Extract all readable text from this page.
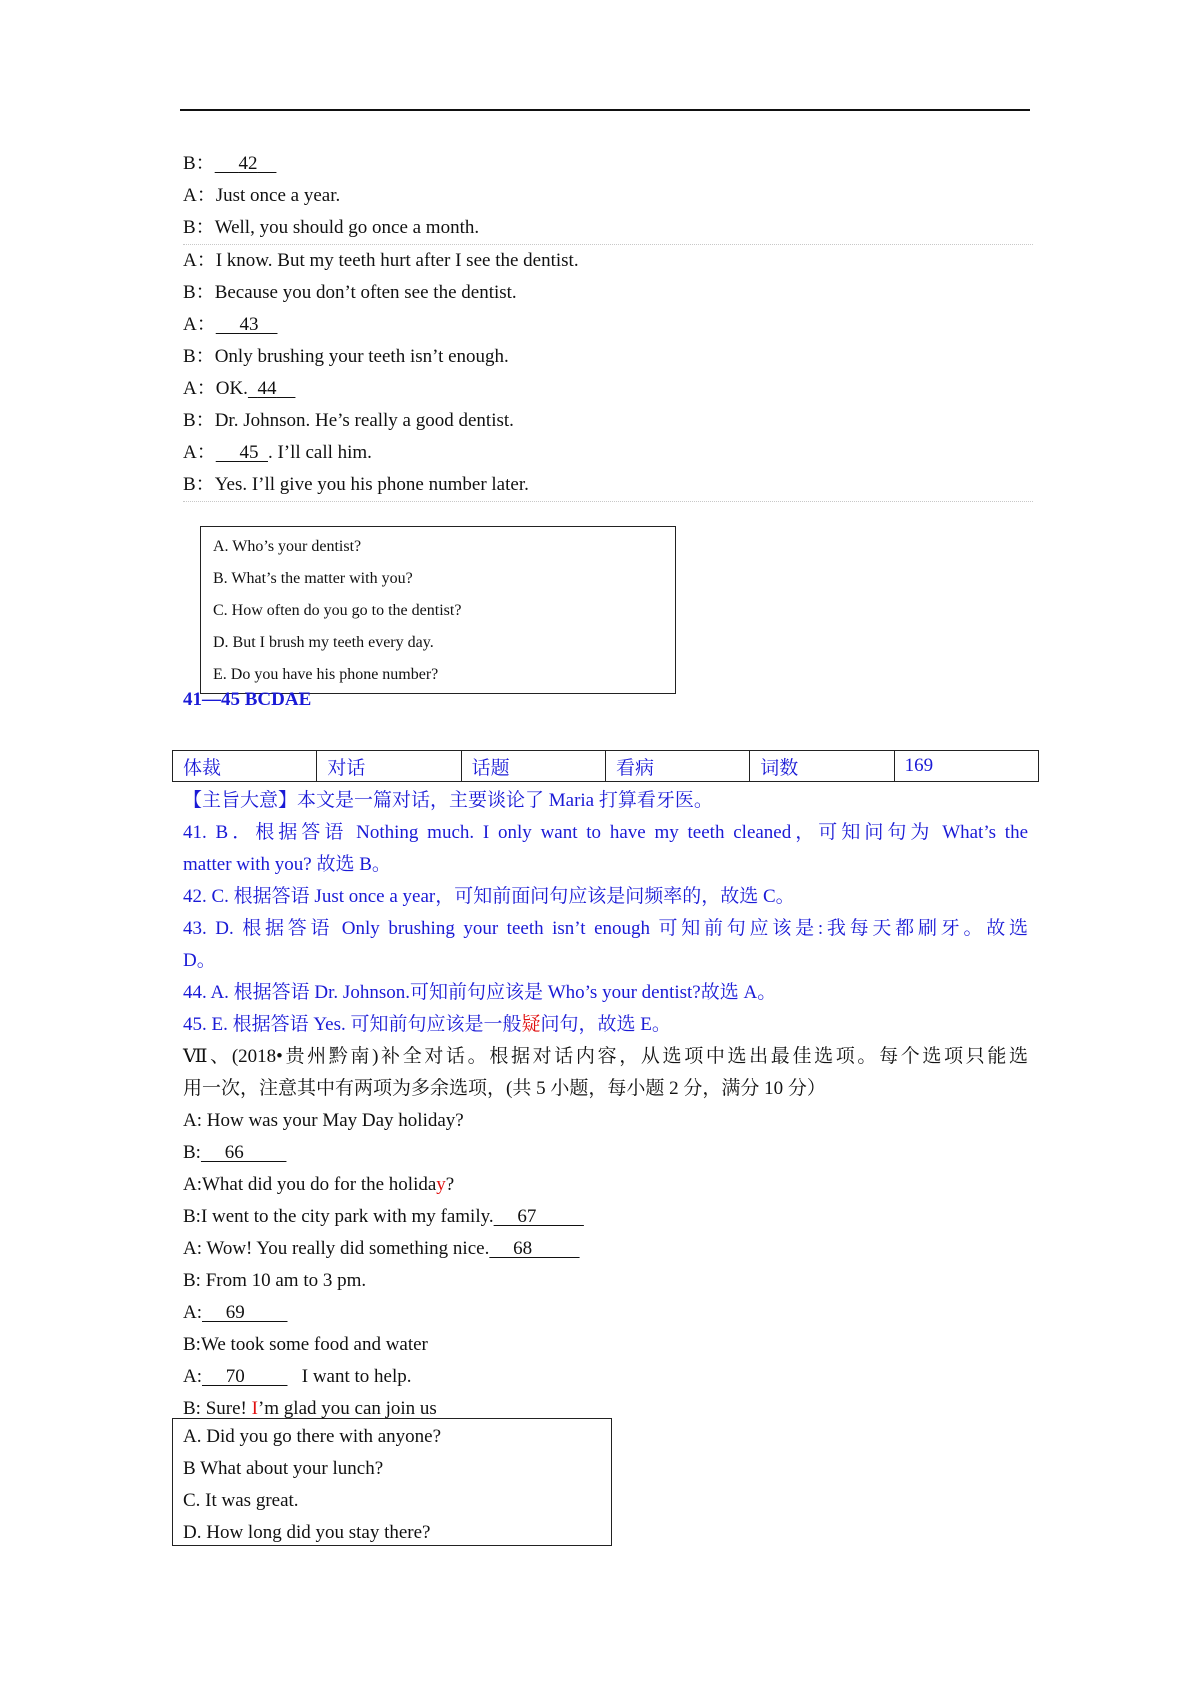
B： 42
A：Just once a year.
B：Well, you should go once a month.
A：I know. But my teeth hurt after I see the dentist.
B：Because you don’t often see the dentist.
A： 43
B：Only brushing your teeth isn’t enough.
A：OK. 44
B：Dr. Johnson. He’s really a good dentist.
A： 45 . I’ll call him.
B：Yes. I’ll give you his phone number later.
A. Who’s your dentist?
B. What’s the matter with you?
C. How often do you go to the dentist?
D. But I brush my teeth every day.
E. Do you have his phone number?
41—45 BCDAE
体裁	对话	话题	看病	词数	169
【主旨大意】本文是一篇对话，主要谈论了 Maria 打算看牙医。
41. B．根据答语 Nothing much. I only want to have my teeth cleaned，可知问句为 What’s the
matter with you? 故选 B。
42. C. 根据答语 Just once a year，可知前面问句应该是问频率的，故选 C。
43. D. 根据答语 Only brushing your teeth isn’t enough 可知前句应该是:我每天都刷牙。故选
D。
44. A. 根据答语 Dr. Johnson.可知前句应该是 Who’s your dentist?故选 A。
45. E. 根据答语 Yes. 可知前句应该是一般疑问句，故选 E。
Ⅶ、(2018•贵州黔南)补全对话。根据对话内容，从选项中选出最佳选项。每个选项只能选
用一次，注意其中有两项为多余选项，(共 5 小题，每小题 2 分，满分 10 分）
A: How was your May Day holiday?
B:     66
A:What did you do for the holiday?
B:I went to the city park with my family.     67
A: Wow! You really did something nice.     68
B: From 10 am to 3 pm.
A:     69
B:We took some food and water
A:     70            I want to help.
B: Sure! I’m glad you can join us
A. Did you go there with anyone?
B What about your lunch?
C. It was great.
D. How long did you stay there?
